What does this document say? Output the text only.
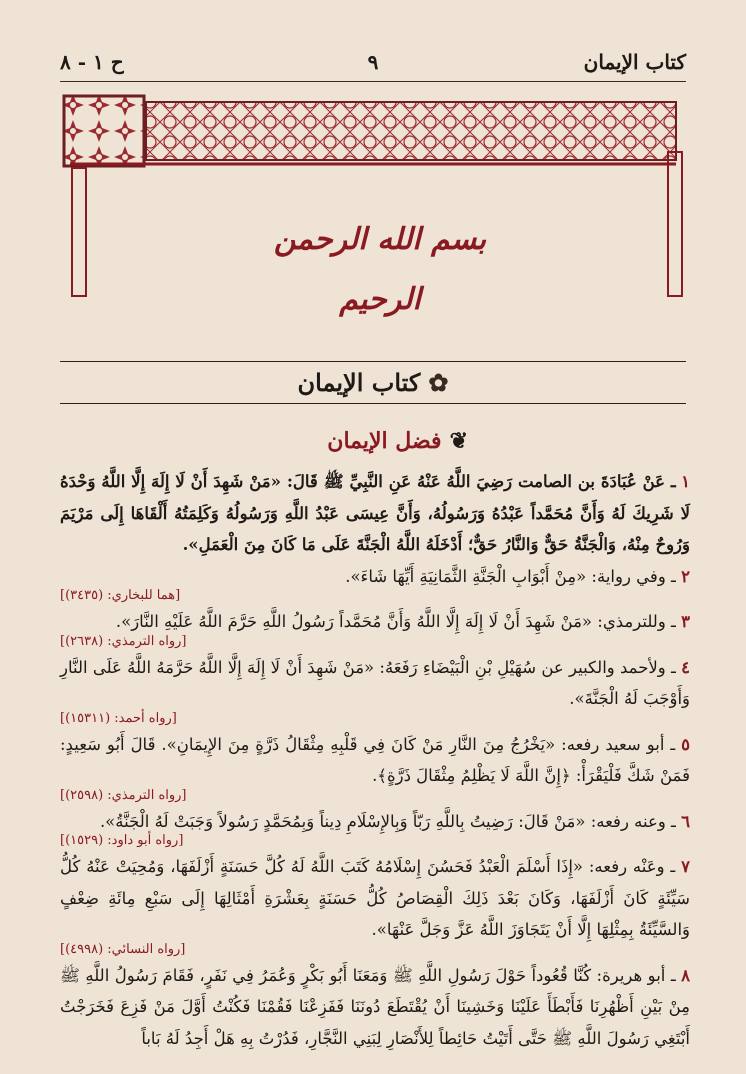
كتاب الإيمان
٩
ح ١ - ٨
بسم الله الرحمن الرحيم
✿كتاب الإيمان
❦فضل الإيمان

١ ـ عَنْ عُبَادَةَ بن الصامت رَضِيَ اللَّهُ عَنْهُ عَنِ النَّبِيِّ ﷺ قَالَ: «مَنْ شَهِدَ أَنْ لَا إِلَهَ إِلَّا اللَّهُ وَحْدَهُ لَا شَرِيكَ لَهُ وَأَنَّ مُحَمَّداً عَبْدُهُ وَرَسُولُهُ، وَأَنَّ عِيسَى عَبْدُ اللَّهِ وَرَسُولُهُ وَكَلِمَتُهُ أَلْقَاهَا إِلَى مَرْيَمَ وَرُوحٌ مِنْهُ، وَالْجَنَّةُ حَقٌّ وَالنَّارُ حَقٌّ؛ أَدْخَلَهُ اللَّهُ الْجَنَّةَ عَلَى مَا كَانَ مِنَ الْعَمَلِ».

٢ ـ وفي رواية: «مِنْ أَبْوَابِ الْجَنَّةِ الثَّمَانِيَةِ أَيِّهَا شَاءَ».
[هما للبخاري: (٣٤٣٥)]

٣ ـ وللترمذي: «مَنْ شَهِدَ أَنْ لَا إِلَهَ إِلَّا اللَّهُ وَأَنَّ مُحَمَّداً رَسُولُ اللَّهِ حَرَّمَ اللَّهُ عَلَيْهِ النَّارَ».
[رواه الترمذي: (٢٦٣٨)]

٤ ـ ولأحمد والكبير عن سُهَيْلِ بْنِ الْبَيْضَاءِ رَفَعَهُ: «مَنْ شَهِدَ أَنْ لَا إِلَهَ إِلَّا اللَّهُ حَرَّمَهُ اللَّهُ عَلَى النَّارِ وَأَوْجَبَ لَهُ الْجَنَّةَ».
[رواه أحمد: (١٥٣١١)]

٥ ـ أبو سعيد رفعه: «يَخْرُجُ مِنَ النَّارِ مَنْ كَانَ فِي قَلْبِهِ مِثْقَالُ ذَرَّةٍ مِنَ الإِيمَانِ». قَالَ أَبُو سَعِيدٍ: فَمَنْ شَكَّ فَلْيَقْرَأْ: ﴿إِنَّ اللَّهَ لَا يَظْلِمُ مِثْقَالَ ذَرَّةٍ﴾.
[رواه الترمذي: (٢٥٩٨)]

٦ ـ وعنه رفعه: «مَنْ قَالَ: رَضِيتُ بِاللَّهِ رَبّاً وَبِالإِسْلَامِ دِيناً وَبِمُحَمَّدٍ رَسُولاً وَجَبَتْ لَهُ الْجَنَّةُ».
[رواه أبو داود: (١٥٢٩)]

٧ ـ وعَنْه رفعه: «إِذَا أَسْلَمَ الْعَبْدُ فَحَسُنَ إِسْلَامُهُ كَتَبَ اللَّهُ لَهُ كُلَّ حَسَنَةٍ أَزْلَفَهَا، وَمُحِيَتْ عَنْهُ كُلُّ سَيِّئَةٍ كَانَ أَزْلَفَهَا، وَكَانَ بَعْدَ ذَلِكَ الْقِصَاصُ كُلُّ حَسَنَةٍ بِعَشْرَةِ أَمْثَالِهَا إِلَى سَبْعِ مِائَةِ ضِعْفٍ وَالسَّيِّئَةُ بِمِثْلِهَا إِلَّا أَنْ يَتَجَاوَزَ اللَّهُ عَزَّ وَجَلَّ عَنْهَا».
[رواه النسائي: (٤٩٩٨)]

٨ ـ أبو هريرة: كُنَّا قُعُوداً حَوْلَ رَسُولِ اللَّهِ ﷺ وَمَعَنَا أَبُو بَكْرٍ وَعُمَرُ فِي نَفَرٍ، فَقَامَ رَسُولُ اللَّهِ ﷺ مِنْ بَيْنِ أَظْهُرِنَا فَأَبْطَأَ عَلَيْنَا وَخَشِينَا أَنْ يُقْتَطَعَ دُونَنَا فَفَزِعْنَا فَقُمْنَا فَكُنْتُ أَوَّلَ مَنْ فَزِعَ فَخَرَجْتُ أَبْتَغِي رَسُولَ اللَّهِ ﷺ حَتَّى أَتَيْتُ حَائِطاً لِلأَنْصَارِ لِبَنِي النَّجَّارِ، فَدُرْتُ بِهِ هَلْ أَجِدُ لَهُ بَاباً
